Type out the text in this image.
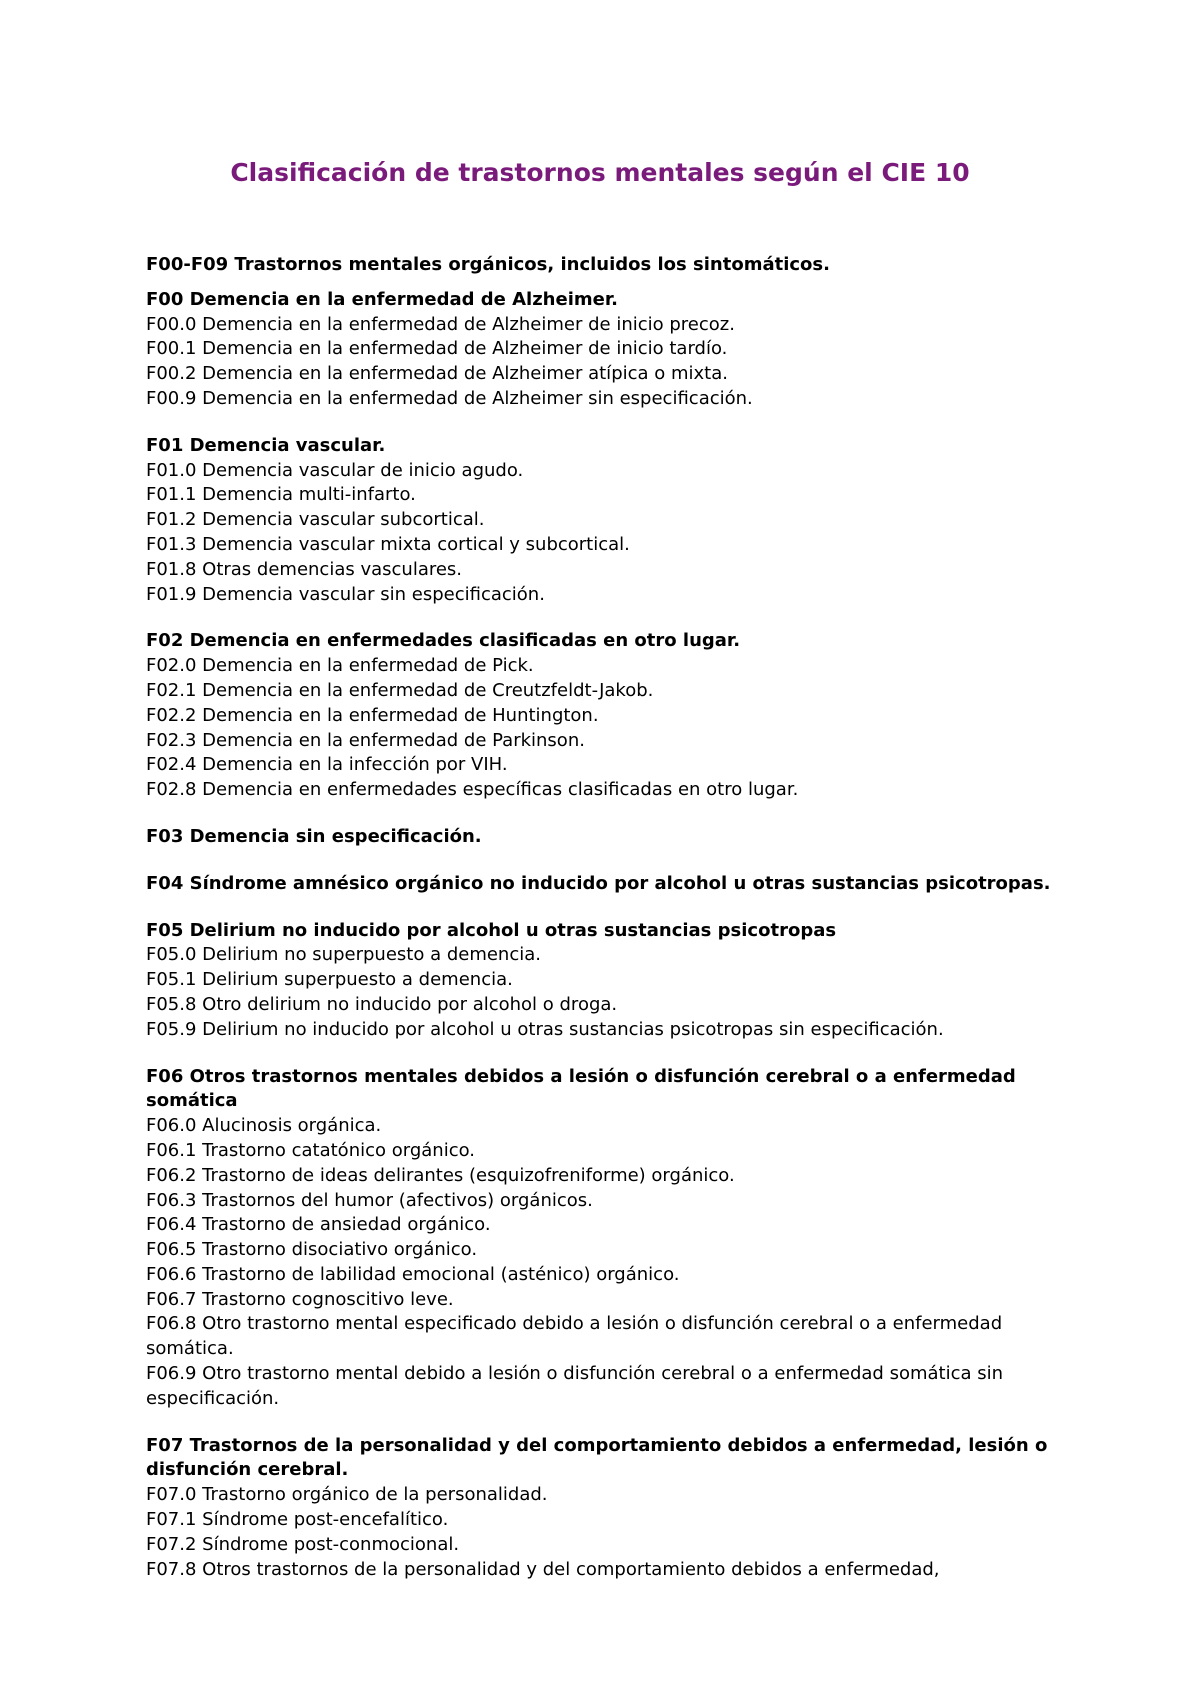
Clasificación de trastornos mentales según el CIE 10

F00-F09 Trastornos mentales orgánicos, incluidos los sintomáticos.

F00 Demencia en la enfermedad de Alzheimer.

F00.0 Demencia en la enfermedad de Alzheimer de inicio precoz.

F00.1 Demencia en la enfermedad de Alzheimer de inicio tardío.

F00.2 Demencia en la enfermedad de Alzheimer atípica o mixta.

F00.9 Demencia en la enfermedad de Alzheimer sin especificación.

F01 Demencia vascular.

F01.0 Demencia vascular de inicio agudo.

F01.1 Demencia multi-infarto.

F01.2 Demencia vascular subcortical.

F01.3 Demencia vascular mixta cortical y subcortical.

F01.8 Otras demencias vasculares.

F01.9 Demencia vascular sin especificación.

F02 Demencia en enfermedades clasificadas en otro lugar.

F02.0 Demencia en la enfermedad de Pick.

F02.1 Demencia en la enfermedad de Creutzfeldt-Jakob.

F02.2 Demencia en la enfermedad de Huntington.

F02.3 Demencia en la enfermedad de Parkinson.

F02.4 Demencia en la infección por VIH.

F02.8 Demencia en enfermedades específicas clasificadas en otro lugar.

F03 Demencia sin especificación.

F04 Síndrome amnésico orgánico no inducido por alcohol u otras sustancias psicotropas.

F05 Delirium no inducido por alcohol u otras sustancias psicotropas

F05.0 Delirium no superpuesto a demencia.

F05.1 Delirium superpuesto a demencia.

F05.8 Otro delirium no inducido por alcohol o droga.

F05.9 Delirium no inducido por alcohol u otras sustancias psicotropas sin especificación.

F06 Otros trastornos mentales debidos a lesión o disfunción cerebral o a enfermedad somática

F06.0 Alucinosis orgánica.

F06.1 Trastorno catatónico orgánico.

F06.2 Trastorno de ideas delirantes (esquizofreniforme) orgánico.

F06.3 Trastornos del humor (afectivos) orgánicos.

F06.4 Trastorno de ansiedad orgánico.

F06.5 Trastorno disociativo orgánico.

F06.6 Trastorno de labilidad emocional (asténico) orgánico.

F06.7 Trastorno cognoscitivo leve.

F06.8 Otro trastorno mental especificado debido a lesión o disfunción cerebral o a enfermedad somática.

F06.9 Otro trastorno mental debido a lesión o disfunción cerebral o a enfermedad somática sin especificación.

F07 Trastornos de la personalidad y del comportamiento debidos a enfermedad, lesión o disfunción cerebral.

F07.0 Trastorno orgánico de la personalidad.

F07.1 Síndrome post-encefalítico.

F07.2 Síndrome post-conmocional.

F07.8 Otros trastornos de la personalidad y del comportamiento debidos a enfermedad,
